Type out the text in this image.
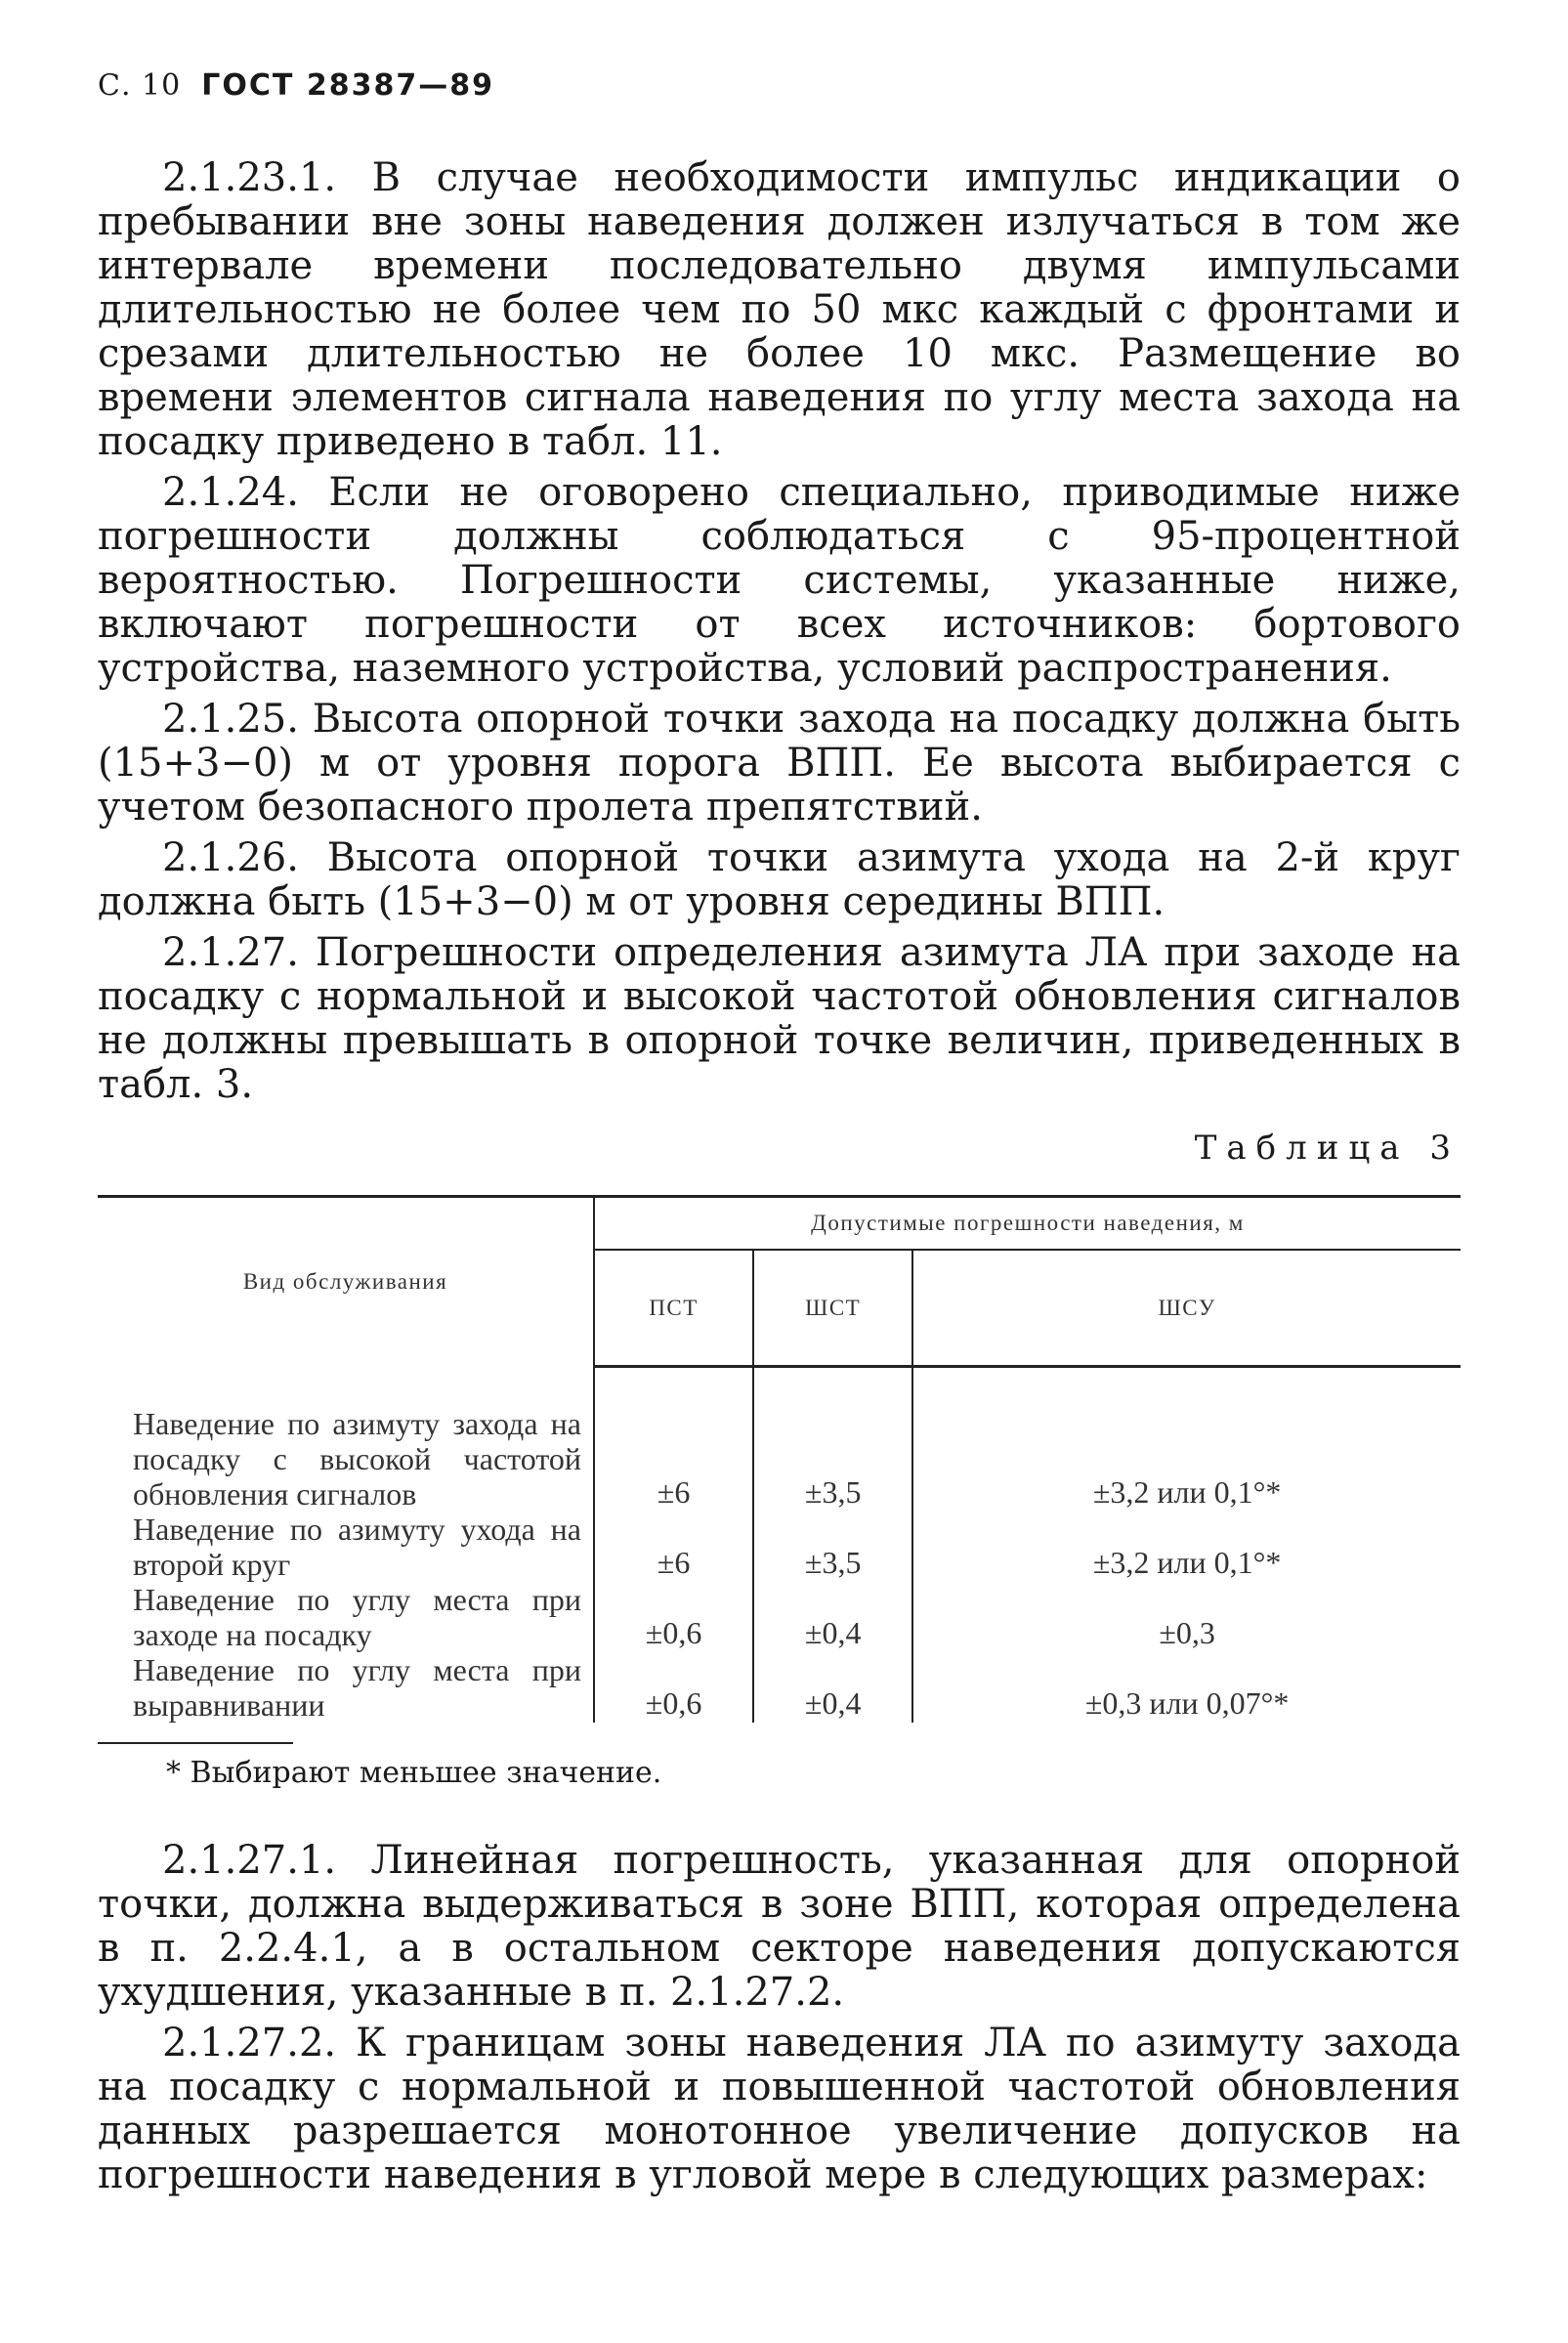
С. 10 ГОСТ 28387—89

2.1.23.1. В случае необходимости импульс индикации о пребывании вне зоны наведения должен излучаться в том же интервале времени последовательно двумя импульсами длительностью не более чем по 50 мкс каждый с фронтами и срезами длительностью не более 10 мкс. Размещение во времени элементов сигнала наведения по углу места захода на посадку приведено в табл. 11.

2.1.24. Если не оговорено специально, приводимые ниже погрешности должны соблюдаться с 95-процентной вероятностью. Погрешности системы, указанные ниже, включают погрешности от всех источников: бортового устройства, наземного устройства, условий распространения.

2.1.25. Высота опорной точки захода на посадку должна быть (15+3−0) м от уровня порога ВПП. Ее высота выбирается с учетом безопасного пролета препятствий.

2.1.26. Высота опорной точки азимута ухода на 2-й круг должна быть (15+3−0) м от уровня середины ВПП.

2.1.27. Погрешности определения азимута ЛА при заходе на посадку с нормальной и высокой частотой обновления сигналов не должны превышать в опорной точке величин, приведенных в табл. 3.

Таблица 3
Вид обслуживания	Допустимые погрешности наведения, м		
	ПСТ	ШСТ	ШСУ
Наведение по азимуту захода на посадку с высокой частотой обновления сигналов	±6	±3,5	±3,2 или 0,1°*
Наведение по азимуту ухода на второй круг	±6	±3,5	±3,2 или 0,1°*
Наведение по углу места при заходе на посадку	±0,6	±0,4	±0,3
Наведение по углу места при выравнивании	±0,6	±0,4	±0,3 или 0,07°*
* Выбирают меньшее значение.

2.1.27.1. Линейная погрешность, указанная для опорной точки, должна выдерживаться в зоне ВПП, которая определена в п. 2.2.4.1, а в остальном секторе наведения допускаются ухудшения, указанные в п. 2.1.27.2.

2.1.27.2. К границам зоны наведения ЛА по азимуту захода на посадку с нормальной и повышенной частотой обновления данных разрешается монотонное увеличение допусков на погрешности наведения в угловой мере в следующих размерах:
